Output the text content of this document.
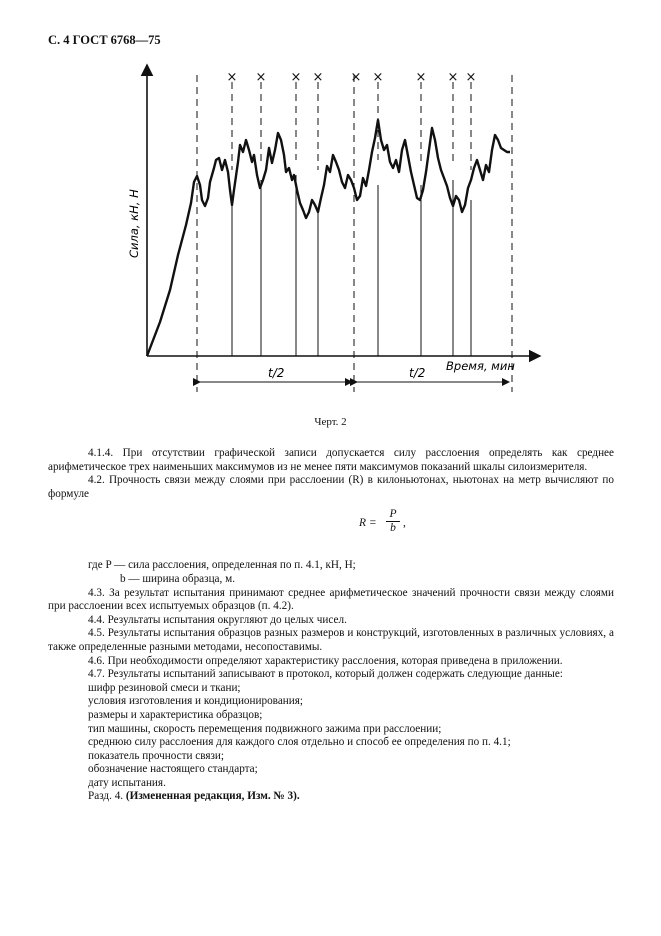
С. 4 ГОСТ 6768—75
Сила, кН, Н
Время, мин
× × × × × × × × ×
t/2	t/2
Черт. 2

4.1.4. При отсутствии графической записи допускается силу расслоения определять как среднее арифметическое трех наименьших максимумов из не менее пяти максимумов показаний шкалы силоизмерителя.

4.2. Прочность связи между слоями при расслоении (R) в килоньютонах, ньютонах на метр вычисляют по формуле

$R = \frac{P}{b}$ ,

где P — сила расслоения, определенная по п. 4.1, кН, Н;

b — ширина образца, м.

4.3. За результат испытания принимают среднее арифметическое значений прочности связи между слоями при расслоении всех испытуемых образцов (п. 4.2).

4.4. Результаты испытания округляют до целых чисел.

4.5. Результаты испытания образцов разных размеров и конструкций, изготовленных в различных условиях, а также определенные разными методами, несопоставимы.

4.6. При необходимости определяют характеристику расслоения, которая приведена в приложении.

4.7. Результаты испытаний записывают в протокол, который должен содержать следующие данные:

шифр резиновой смеси и ткани;

условия изготовления и кондиционирования;

размеры и характеристика образцов;

тип машины, скорость перемещения подвижного зажима при расслоении;

среднюю силу расслоения для каждого слоя отдельно и способ ее определения по п. 4.1;

показатель прочности связи;

обозначение настоящего стандарта;

дату испытания.

Разд. 4. (Измененная редакция, Изм. № 3).
